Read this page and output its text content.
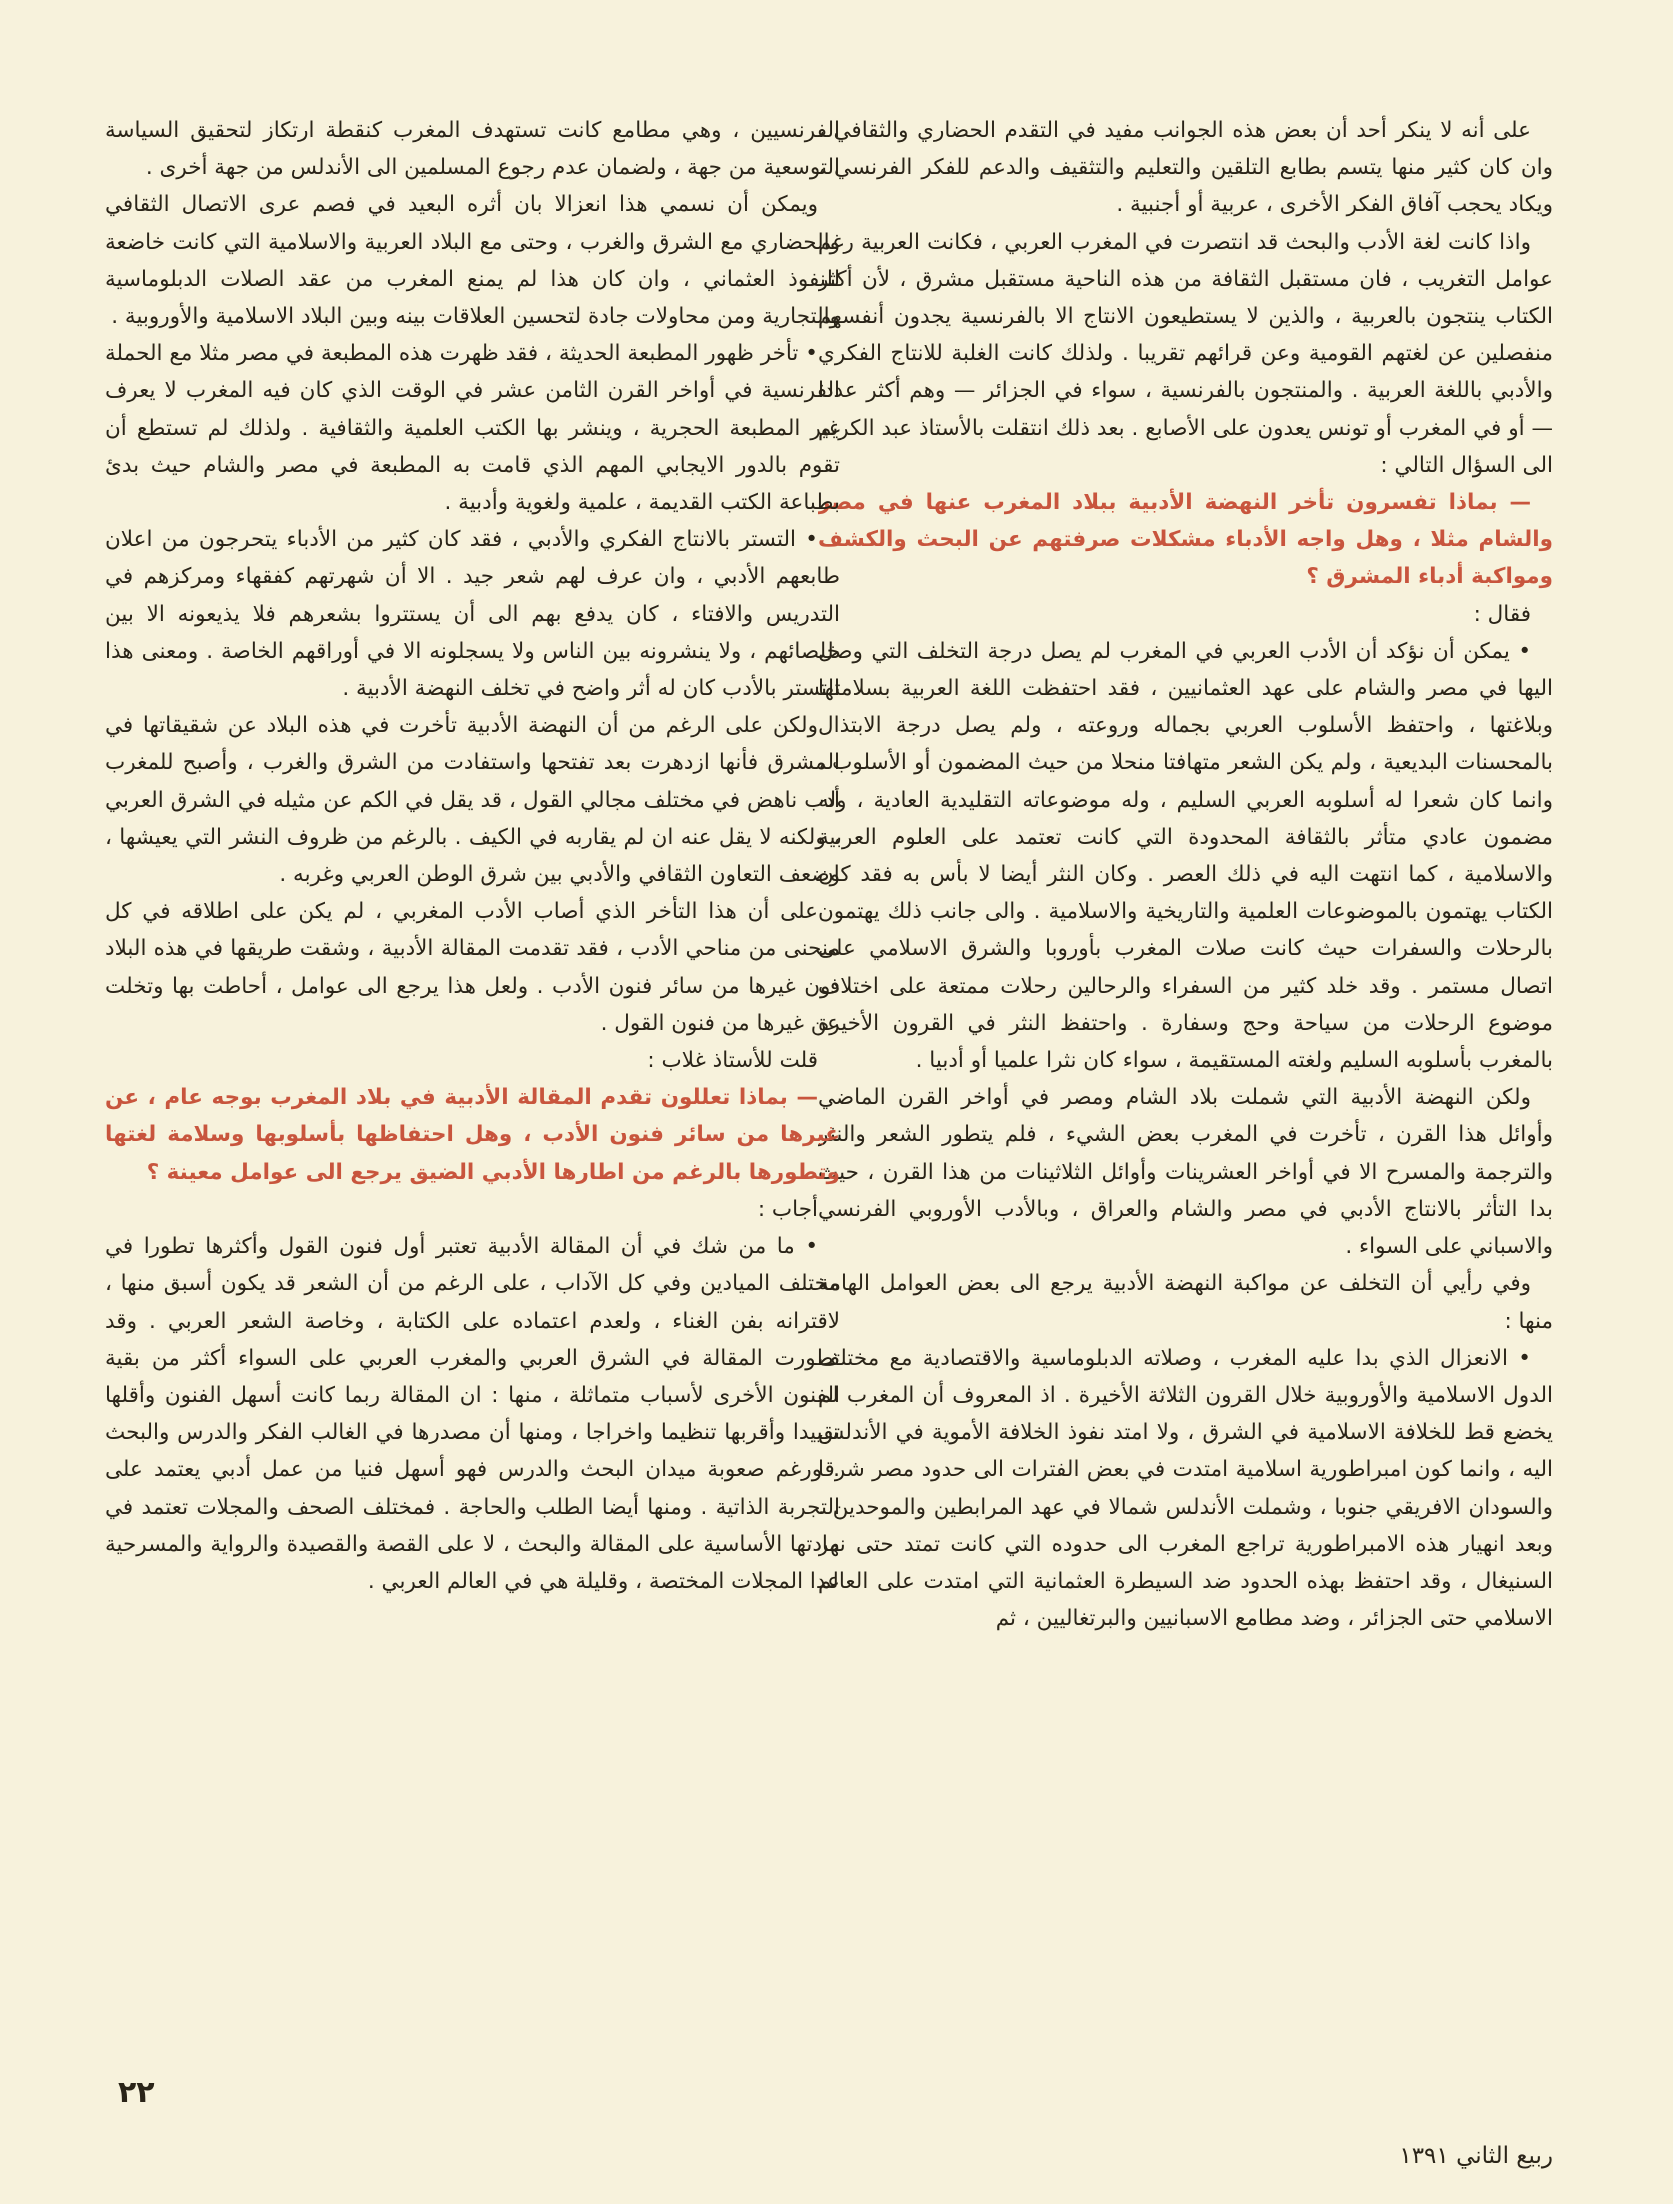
على أنه لا ينكر أحد أن بعض هذه الجوانب مفيد في التقدم الحضاري والثقافي ، وان كان كثير منها يتسم بطابع التلقين والتعليم والتثقيف والدعم للفكر الفرنسي ، ويكاد يحجب آفاق الفكر الأخرى ، عربية أو أجنبية .

واذا كانت لغة الأدب والبحث قد انتصرت في المغرب العربي ، فكانت العربية رغم عوامل التغريب ، فان مستقبل الثقافة من هذه الناحية مستقبل مشرق ، لأن أكثر الكتاب ينتجون بالعربية ، والذين لا يستطيعون الانتاج الا بالفرنسية يجدون أنفسهم منفصلين عن لغتهم القومية وعن قرائهم تقريبا . ولذلك كانت الغلبة للانتاج الفكري والأدبي باللغة العربية . والمنتجون بالفرنسية ، سواء في الجزائر — وهم أكثر عددا — أو في المغرب أو تونس يعدون على الأصابع . بعد ذلك انتقلت بالأستاذ عبد الكريم الى السؤال التالي :

— بماذا تفسرون تأخر النهضة الأدبية ببلاد المغرب عنها في مصر والشام مثلا ، وهل واجه الأدباء مشكلات صرفتهم عن البحث والكشف ومواكبة أدباء المشرق ؟

فقال :

• يمكن أن نؤكد أن الأدب العربي في المغرب لم يصل درجة التخلف التي وصل اليها في مصر والشام على عهد العثمانيين ، فقد احتفظت اللغة العربية بسلامتها وبلاغتها ، واحتفظ الأسلوب العربي بجماله وروعته ، ولم يصل درجة الابتذال بالمحسنات البديعية ، ولم يكن الشعر متهافتا منحلا من حيث المضمون أو الأسلوب ، وانما كان شعرا له أسلوبه العربي السليم ، وله موضوعاته التقليدية العادية ، وله مضمون عادي متأثر بالثقافة المحدودة التي كانت تعتمد على العلوم العربية والاسلامية ، كما انتهت اليه في ذلك العصر . وكان النثر أيضا لا بأس به فقد كان الكتاب يهتمون بالموضوعات العلمية والتاريخية والاسلامية . والى جانب ذلك يهتمون بالرحلات والسفرات حيث كانت صلات المغرب بأوروبا والشرق الاسلامي على اتصال مستمر . وقد خلد كثير من السفراء والرحالين رحلات ممتعة على اختلاف موضوع الرحلات من سياحة وحج وسفارة . واحتفظ النثر في القرون الأخيرة بالمغرب بأسلوبه السليم ولغته المستقيمة ، سواء كان نثرا علميا أو أدبيا .

ولكن النهضة الأدبية التي شملت بلاد الشام ومصر في أواخر القرن الماضي وأوائل هذا القرن ، تأخرت في المغرب بعض الشيء ، فلم يتطور الشعر والنثر والترجمة والمسرح الا في أواخر العشرينات وأوائل الثلاثينات من هذا القرن ، حيث بدا التأثر بالانتاج الأدبي في مصر والشام والعراق ، وبالأدب الأوروبي الفرنسي والاسباني على السواء .

وفي رأيي أن التخلف عن مواكبة النهضة الأدبية يرجع الى بعض العوامل الهامة منها :

• الانعزال الذي بدا عليه المغرب ، وصلاته الدبلوماسية والاقتصادية مع مختلف الدول الاسلامية والأوروبية خلال القرون الثلاثة الأخيرة . اذ المعروف أن المغرب لم يخضع قط للخلافة الاسلامية في الشرق ، ولا امتد نفوذ الخلافة الأموية في الأندلس اليه ، وانما كون امبراطورية اسلامية امتدت في بعض الفترات الى حدود مصر شرقا والسودان الافريقي جنوبا ، وشملت الأندلس شمالا في عهد المرابطين والموحدين . وبعد انهيار هذه الامبراطورية تراجع المغرب الى حدوده التي كانت تمتد حتى نهر السنيغال ، وقد احتفظ بهذه الحدود ضد السيطرة العثمانية التي امتدت على العالم الاسلامي حتى الجزائر ، وضد مطامع الاسبانيين والبرتغاليين ، ثم

الفرنسيين ، وهي مطامع كانت تستهدف المغرب كنقطة ارتكاز لتحقيق السياسة التوسعية من جهة ، ولضمان عدم رجوع المسلمين الى الأندلس من جهة أخرى .

ويمكن أن نسمي هذا انعزالا بان أثره البعيد في فصم عرى الاتصال الثقافي والحضاري مع الشرق والغرب ، وحتى مع البلاد العربية والاسلامية التي كانت خاضعة للنفوذ العثماني ، وان كان هذا لم يمنع المغرب من عقد الصلات الدبلوماسية والتجارية ومن محاولات جادة لتحسين العلاقات بينه وبين البلاد الاسلامية والأوروبية .

• تأخر ظهور المطبعة الحديثة ، فقد ظهرت هذه المطبعة في مصر مثلا مع الحملة الفرنسية في أواخر القرن الثامن عشر في الوقت الذي كان فيه المغرب لا يعرف غير المطبعة الحجرية ، وينشر بها الكتب العلمية والثقافية . ولذلك لم تستطع أن تقوم بالدور الايجابي المهم الذي قامت به المطبعة في مصر والشام حيث بدئ بطباعة الكتب القديمة ، علمية ولغوية وأدبية .

• التستر بالانتاج الفكري والأدبي ، فقد كان كثير من الأدباء يتحرجون من اعلان طابعهم الأدبي ، وان عرف لهم شعر جيد . الا أن شهرتهم كفقهاء ومركزهم في التدريس والافتاء ، كان يدفع بهم الى أن يستتروا بشعرهم فلا يذيعونه الا بين خلصائهم ، ولا ينشرونه بين الناس ولا يسجلونه الا في أوراقهم الخاصة . ومعنى هذا التستر بالأدب كان له أثر واضح في تخلف النهضة الأدبية .

ولكن على الرغم من أن النهضة الأدبية تأخرت في هذه البلاد عن شقيقاتها في المشرق فأنها ازدهرت بعد تفتحها واستفادت من الشرق والغرب ، وأصبح للمغرب أدب ناهض في مختلف مجالي القول ، قد يقل في الكم عن مثيله في الشرق العربي ، ولكنه لا يقل عنه ان لم يقاربه في الكيف . بالرغم من ظروف النشر التي يعيشها ، وضعف التعاون الثقافي والأدبي بين شرق الوطن العربي وغربه .

على أن هذا التأخر الذي أصاب الأدب المغربي ، لم يكن على اطلاقه في كل منحنى من مناحي الأدب ، فقد تقدمت المقالة الأدبية ، وشقت طريقها في هذه البلاد دون غيرها من سائر فنون الأدب . ولعل هذا يرجع الى عوامل ، أحاطت بها وتخلت عن غيرها من فنون القول .

قلت للأستاذ غلاب :

— بماذا تعللون تقدم المقالة الأدبية في بلاد المغرب بوجه عام ، عن غيرها من سائر فنون الأدب ، وهل احتفاظها بأسلوبها وسلامة لغتها وتطورها بالرغم من اطارها الأدبي الضيق يرجع الى عوامل معينة ؟

أجاب :

• ما من شك في أن المقالة الأدبية تعتبر أول فنون القول وأكثرها تطورا في مختلف الميادين وفي كل الآداب ، على الرغم من أن الشعر قد يكون أسبق منها ، لاقترانه بفن الغناء ، ولعدم اعتماده على الكتابة ، وخاصة الشعر العربي . وقد تطورت المقالة في الشرق العربي والمغرب العربي على السواء أكثر من بقية الفنون الأخرى لأسباب متماثلة ، منها : ان المقالة ربما كانت أسهل الفنون وأقلها تقييدا وأقربها تنظيما واخراجا ، ومنها أن مصدرها في الغالب الفكر والدرس والبحث . ورغم صعوبة ميدان البحث والدرس فهو أسهل فنيا من عمل أدبي يعتمد على التجربة الذاتية . ومنها أيضا الطلب والحاجة . فمختلف الصحف والمجلات تعتمد في مادتها الأساسية على المقالة والبحث ، لا على القصة والقصيدة والرواية والمسرحية عدا المجلات المختصة ، وقليلة هي في العالم العربي .

٢٢
ربيع الثاني ١٣٩١
